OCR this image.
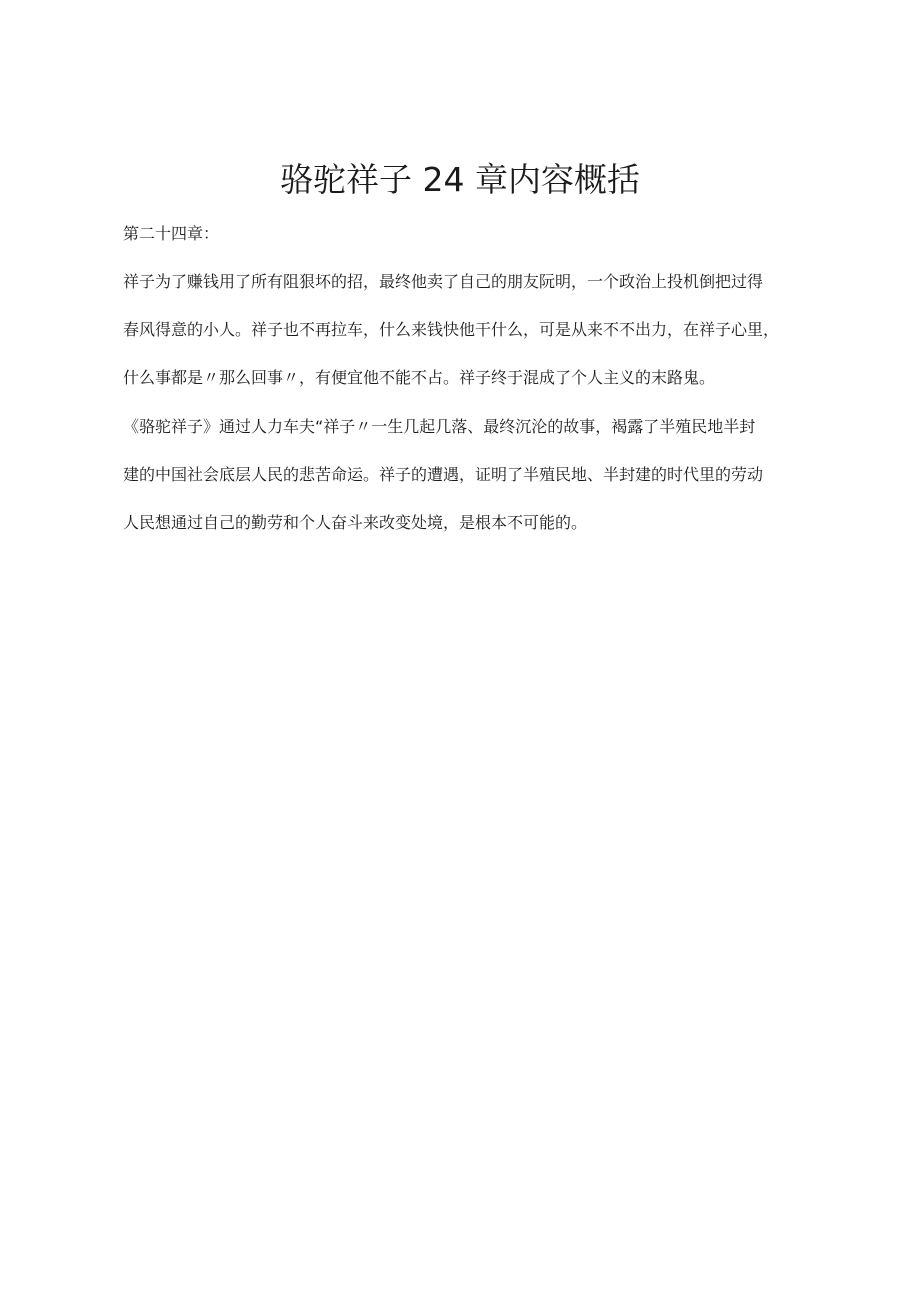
骆驼祥子 24 章内容概括

第二十四章：

祥子为了赚钱用了所有阻狠坏的招，最终他卖了自己的朋友阮明，一个政治上投机倒把过得
春风得意的小人。祥子也不再拉车，什么来钱快他干什么，可是从来不不出力，在祥子心里，
什么事都是〃那么回事〃，有便宜他不能不占。祥子终于混成了个人主义的末路鬼。

《骆驼祥子》通过人力车夫“祥子〃一生几起几落、最终沉沦的故事，褐露了半殖民地半封
建的中国社会底层人民的悲苦命运。祥子的遭遇，证明了半殖民地、半封建的时代里的劳动
人民想通过自己的勤劳和个人奋斗来改变处境，是根本不可能的。
